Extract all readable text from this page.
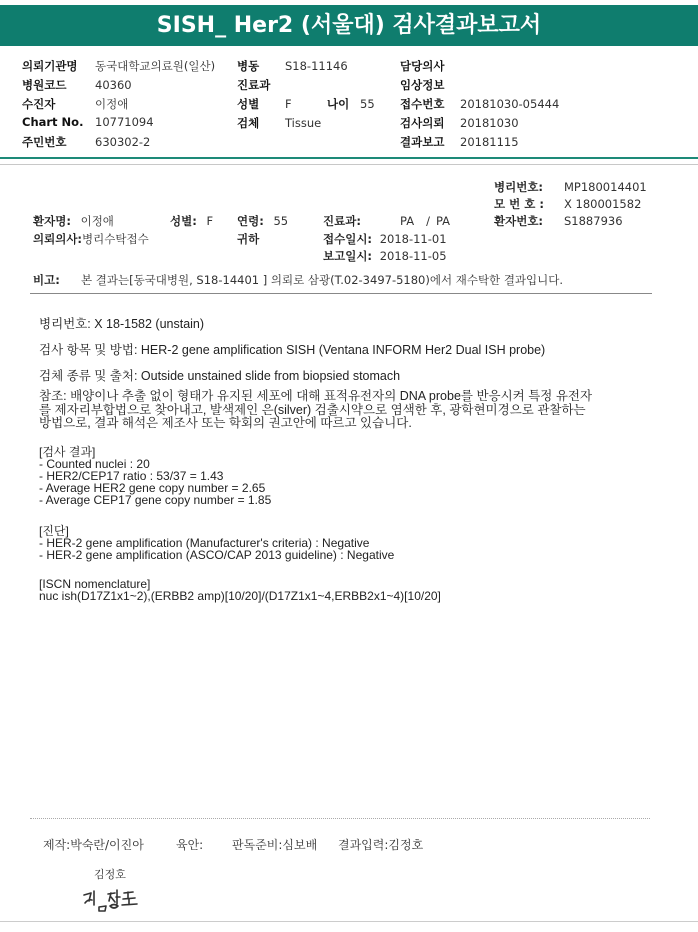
SISH_ Her2 (서울대) 검사결과보고서
의뢰기관명 동국대학교의료원(일산)
병원코드 40360
수진자	이정애
Chart No. 10771094
주민번호 630302-2
병동 S18-11146
진료과
성별 F	나이 55
검체 Tissue
담당의사
임상정보
접수번호 20181030-05444
검사의뢰 20181030
결과보고 20181115
병리번호: MP180014401
모 번 호 : X 180001582
환자번호: S1887936
환자명: 이정애	성별: F 연령: 55	진료과:	PA / PA
의뢰의사:병리수탁접수	귀하	접수일시: 2018-11-01
보고일시: 2018-11-05
비고: 본 결과는[동국대병원, S18-14401 ] 의뢰로 삼광(T.02-3497-5180)에서 재수탁한 결과입니다.
병리번호: X 18-1582 (unstain)
검사 항목 및 방법: HER-2 gene amplification SISH (Ventana INFORM Her2 Dual ISH probe)
검체 종류 및 출처: Outside unstained slide from biopsied stomach
참조: 배양이나 추출 없이 형태가 유지된 세포에 대해 표적유전자의 DNA probe를 반응시켜 특정 유전자
를 제자리부합법으로 찾아내고, 발색제인 은(silver) 검출시약으로 염색한 후, 광학현미경으로 관찰하는
방법으로, 결과 해석은 제조사 또는 학회의 권고안에 따르고 있습니다.
[검사 결과]
- Counted nuclei : 20
- HER2/CEP17 ratio : 53/37 = 1.43
- Average HER2 gene copy number = 2.65
- Average CEP17 gene copy number = 1.85
[진단]
- HER-2 gene amplification (Manufacturer's criteria) : Negative
- HER-2 gene amplification (ASCO/CAP 2013 guideline) : Negative
[ISCN nomenclature]
nuc ish(D17Z1x1~2),(ERBB2 amp)[10/20]/(D17Z1x1~4,ERBB2x1~4)[10/20]
제작:박숙란/이진아	육안: 판독준비:심보배 결과입력:김정호
김정호
